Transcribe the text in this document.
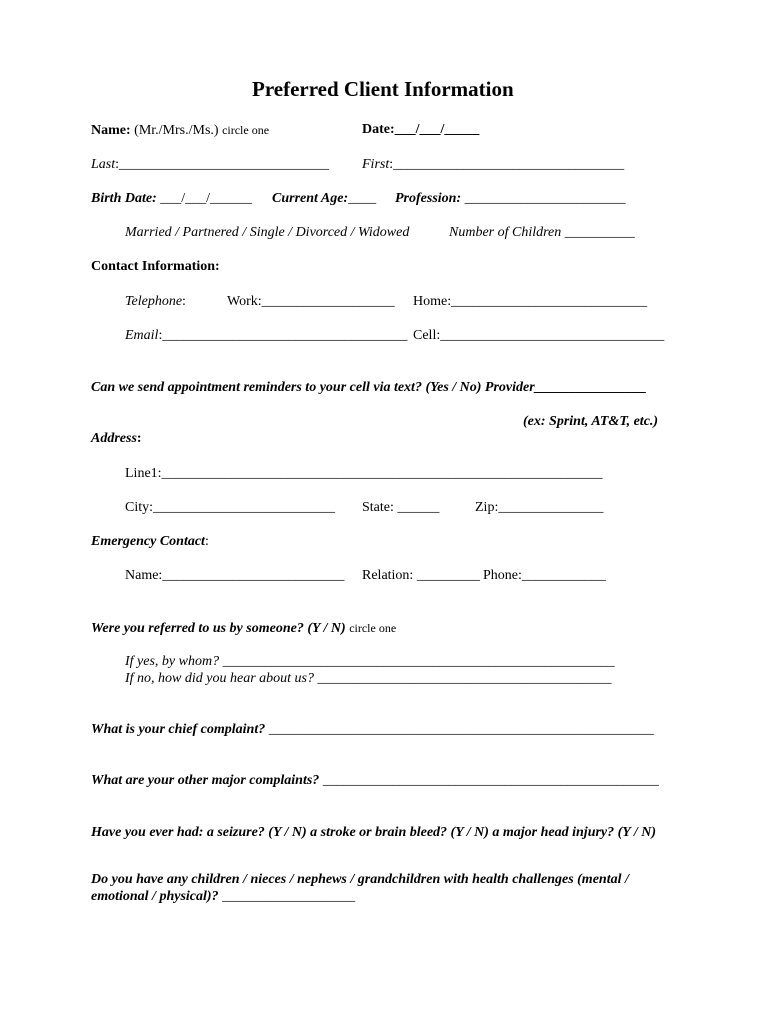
Preferred Client Information
Name: (Mr./Mrs./Ms.) circle one	Date:___/___/_____
Last:______________________________ First:_________________________________
Birth Date: ___/___/______ Current Age:____ Profession: _______________________
Married / Partnered / Single / Divorced / Widowed	Number of Children __________
Contact Information:
Telephone:	Work:___________________ Home:____________________________
Email:___________________________________ Cell:________________________________
Can we send appointment reminders to your cell via text? (Yes / No) Provider________________
(ex: Sprint, AT&T, etc.)
Address:
Line1:_______________________________________________________________
City:__________________________ State: ______	Zip:_______________
Emergency Contact:
Name:__________________________ Relation: _________ Phone:____________
Were you referred to us by someone? (Y / N) circle one
If yes, by whom? ________________________________________________________
If no, how did you hear about us? __________________________________________
What is your chief complaint? _______________________________________________________
What are your other major complaints? ________________________________________________
Have you ever had: a seizure? (Y / N) a stroke or brain bleed? (Y / N) a major head injury? (Y / N)
Do you have any children / nieces / nephews / grandchildren with health challenges (mental /
emotional / physical)? ___________________
